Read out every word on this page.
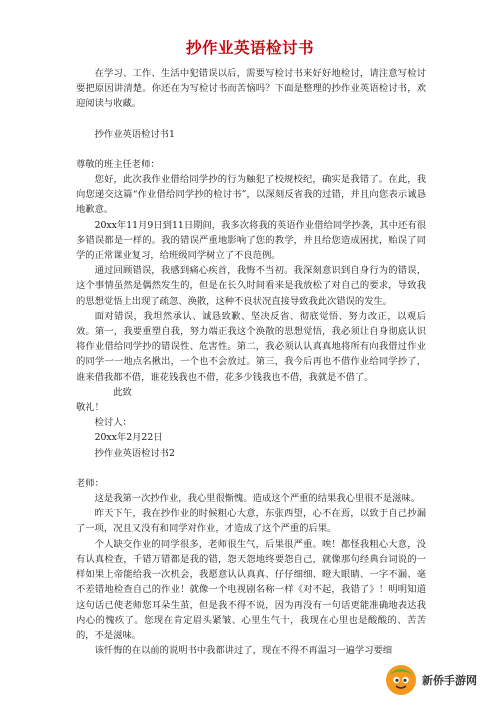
抄作业英语检讨书

在学习、工作、生活中犯错误以后，需要写检讨书来好好地检讨，请注意写检讨要把原因讲清楚。你还在为写检讨书而苦恼吗？下面是整理的抄作业英语检讨书，欢迎阅读与收藏。

抄作业英语检讨书1

尊敬的班主任老师：

您好，此次我作业借给同学抄的行为触犯了校规校纪，确实是我错了。在此，我向您递交这篇“作业借给同学抄的检讨书”，以深刻反省我的过错，并且向您表示诚恳地歉意。

20xx年11月9日到11日期间，我多次将我的英语作业借给同学抄袭，其中还有很多错误都是一样的。我的错误严重地影响了您的教学，并且给您造成困扰，贻误了同学的正常课业复习，给班级同学树立了不良范例。

通过回顾错误，我感到痛心疾首，我悔不当初。我深刻意识到自身行为的错误，这个事情虽然是偶然发生的，但是在长久时间看来是我放松了对自己的要求，导致我的思想觉悟上出现了疏忽、涣散，这种不良状况直接导致我此次错误的发生。

面对错误，我坦然承认、诚恳致歉、坚决反省、彻底觉悟、努力改正，以观后效。第一，我要重塑自我，努力端正我这个涣散的思想觉悟，我必须让自身彻底认识将作业借给同学抄的错误性、危害性。第二，我必须认认真真地将所有向我借过作业的同学一一地点名揪出，一个也不会放过。第三，我今后再也不借作业给同学抄了，谁来借我都不借，谁花钱我也不借，花多少钱我也不借，我就是不借了。

此致

敬礼！

检讨人：

20xx年2月22日

抄作业英语检讨书2

老师：

这是我第一次抄作业，我心里很惭愧。造成这个严重的结果我心里很不是滋味。

昨天下午，我在抄作业的时候粗心大意，东张西望，心不在焉，以致于自己抄漏了一项，况且又没有和同学对作业，才造成了这个严重的后果。

个人缺交作业的同学很多，老师很生气，后果很严重。唉！都怪我粗心大意，没有认真检查，千错万错都是我的错，怨天怨地终要怨自己，就像那句经典台词说的一样如果上帝能给我一次机会，我愿意认认真真、仔仔细细、瞪大眼睛、一字不漏、毫不差错地检查自己的作业！就像一个电视剧名称一样《对不起，我错了》！明明知道这句话已使老师您耳朵生茧，但是我不得不说，因为再没有一句话更能准确地表达我内心的愧疚了。您现在肯定眉头紧皱、心里生气十，我现在心里也是酸酸的、苦苦的，不是滋味。

该忏悔的在以前的说明书中我都讲过了，现在不得不再温习一遍学习要细

新侨手游网
